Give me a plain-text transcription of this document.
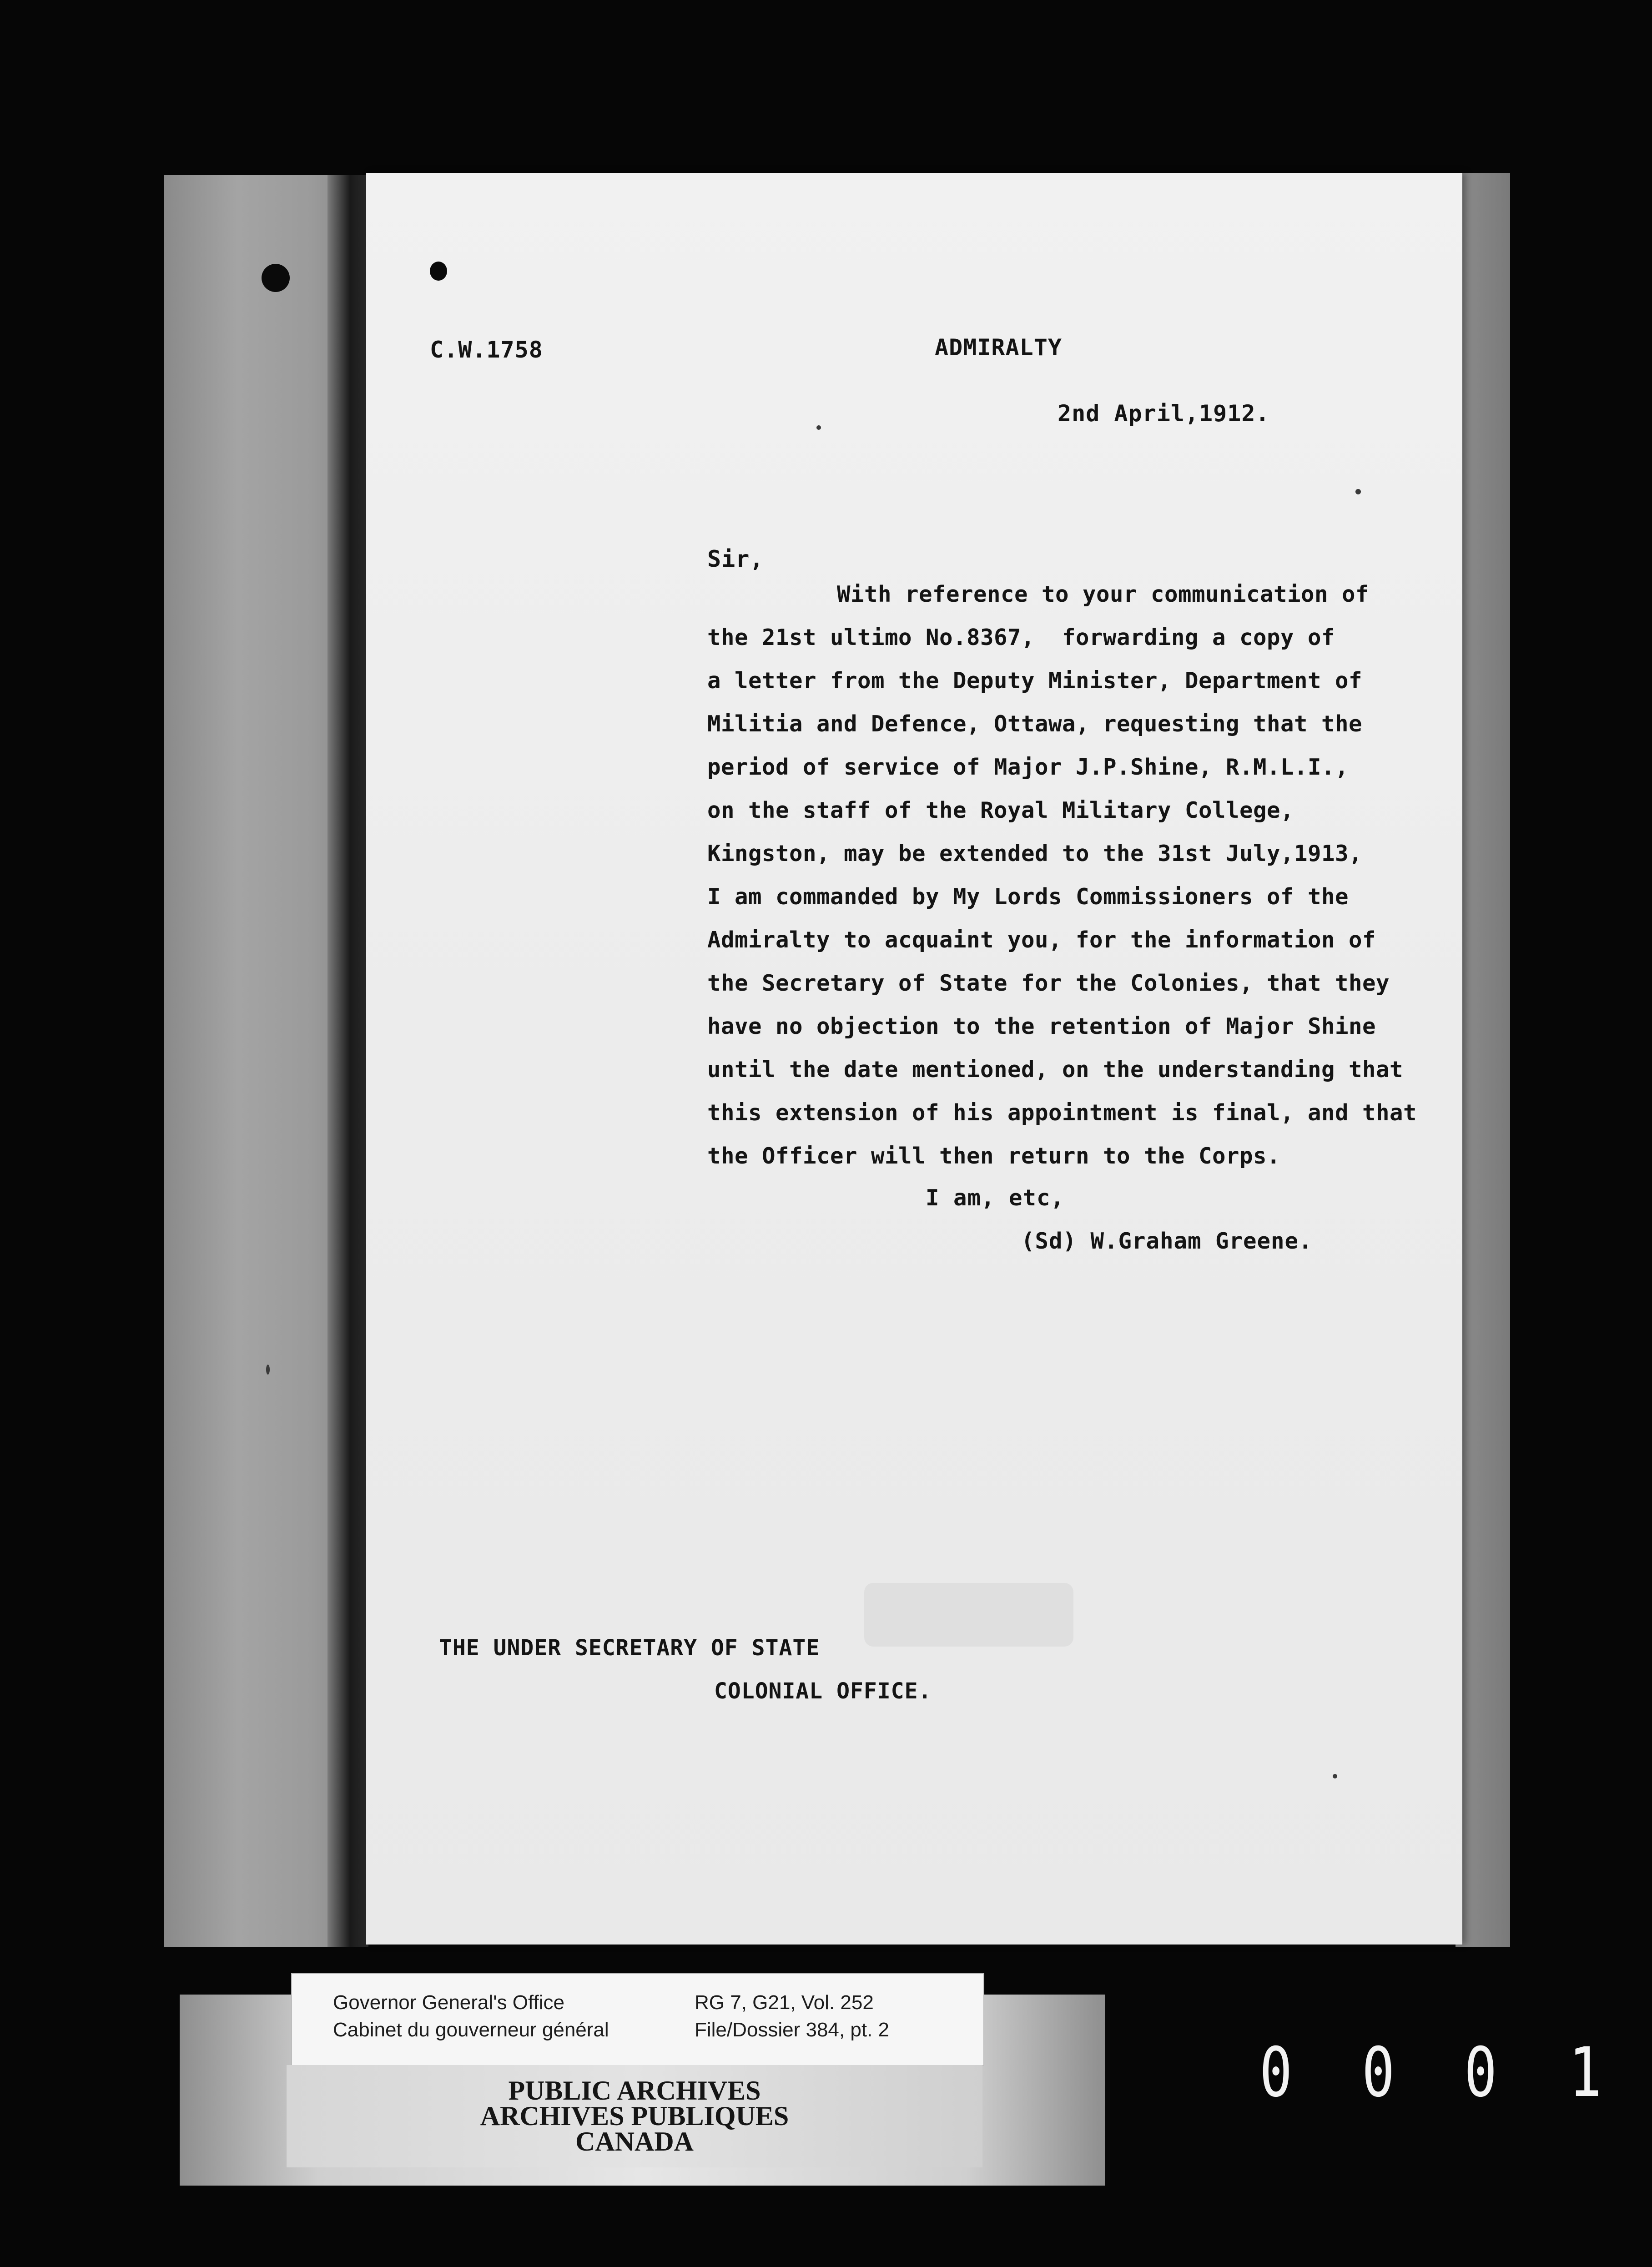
C.W.1758	ADMIRALTY
2nd April,1912.
Sir,
With reference to your communication of
the 21st ultimo No.8367,  forwarding a copy of
a letter from the Deputy Minister, Department of
Militia and Defence, Ottawa, requesting that the
period of service of Major J.P.Shine, R.M.L.I.,
on the staff of the Royal Military College,
Kingston, may be extended to the 31st July,1913,
I am commanded by My Lords Commissioners of the
Admiralty to acquaint you, for the information of
the Secretary of State for the Colonies, that they
have no objection to the retention of Major Shine
until the date mentioned, on the understanding that
this extension of his appointment is final, and that
the Officer will then return to the Corps.
I am, etc,
(Sd) W.Graham Greene.
THE UNDER SECRETARY OF STATE
COLONIAL OFFICE.
Governor General's Office
Cabinet du gouverneur général
RG 7, G21, Vol. 252
File/Dossier 384, pt. 2
PUBLIC ARCHIVES
ARCHIVES PUBLIQUES
CANADA
0 0 0 1
